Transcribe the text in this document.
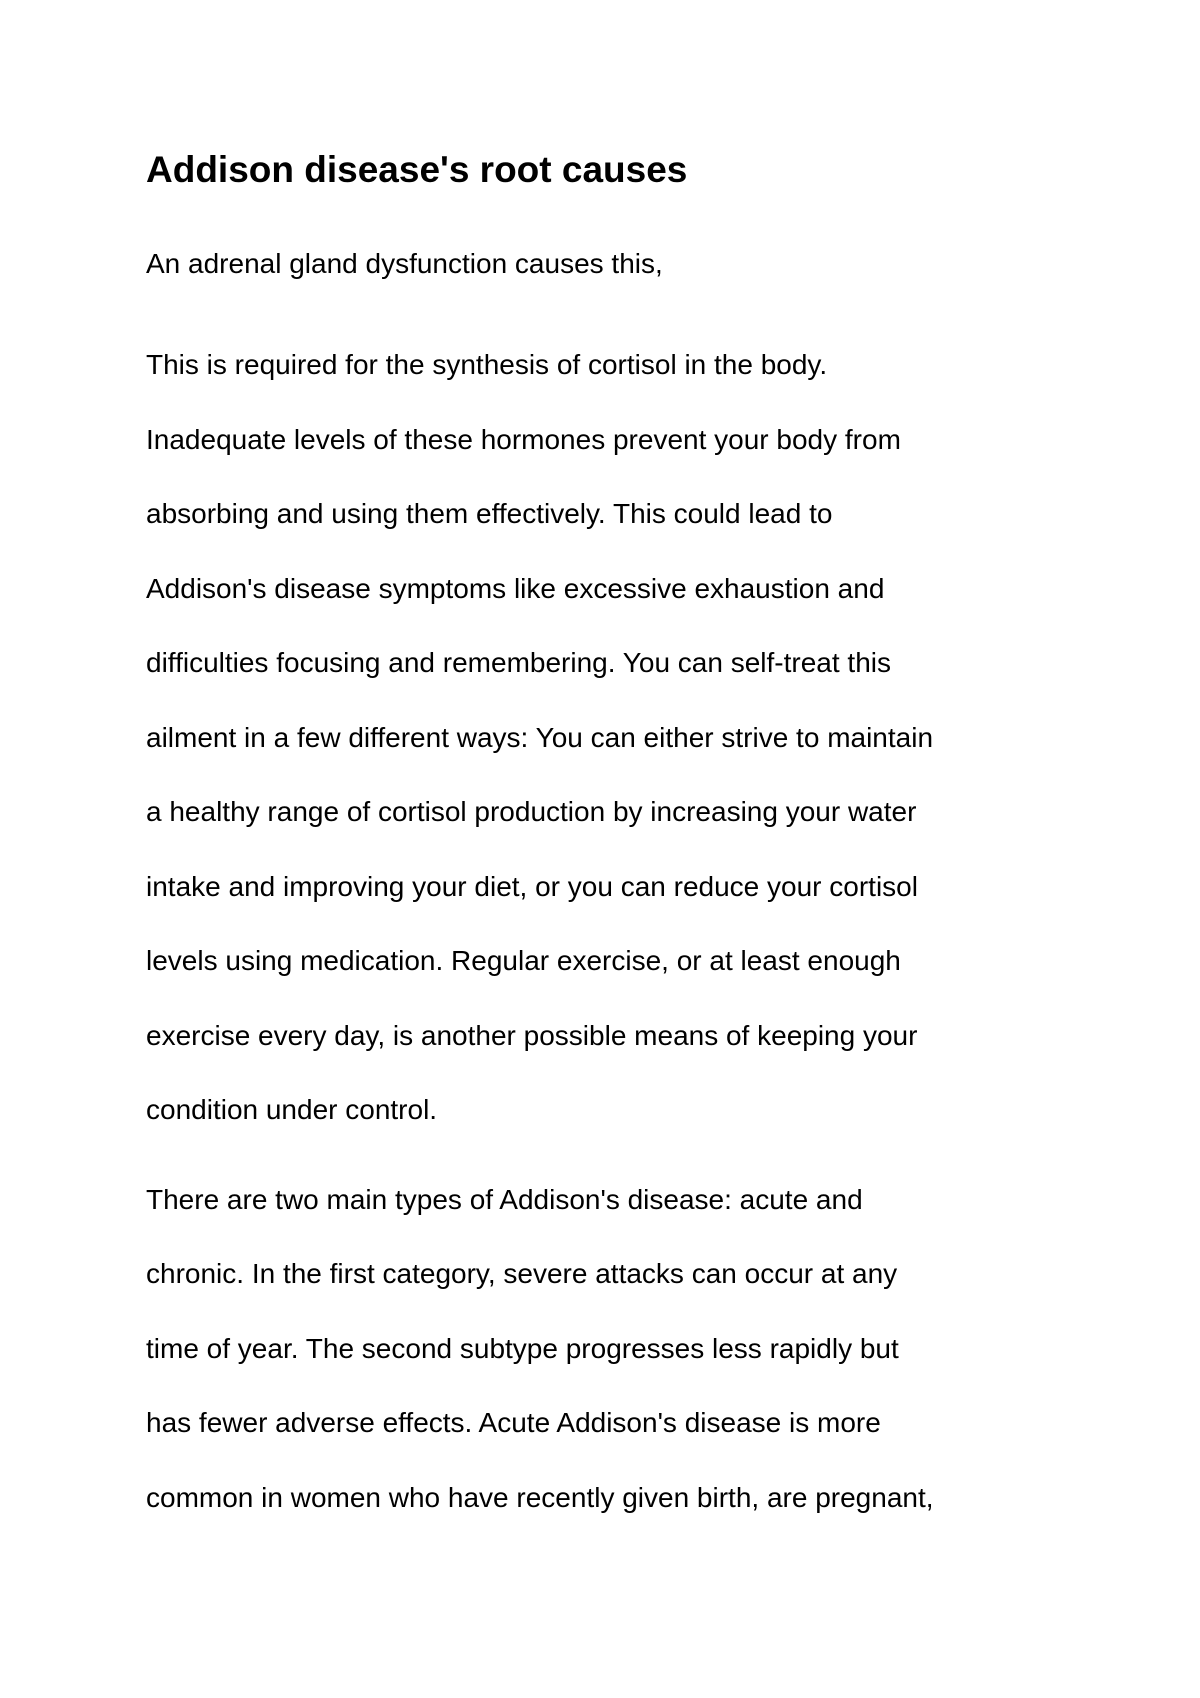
Addison disease's root causes

An adrenal gland dysfunction causes this,

This is required for the synthesis of cortisol in the body.
Inadequate levels of these hormones prevent your body from
absorbing and using them effectively. This could lead to
Addison's disease symptoms like excessive exhaustion and
difficulties focusing and remembering. You can self-treat this
ailment in a few different ways: You can either strive to maintain
a healthy range of cortisol production by increasing your water
intake and improving your diet, or you can reduce your cortisol
levels using medication. Regular exercise, or at least enough
exercise every day, is another possible means of keeping your
condition under control.
There are two main types of Addison's disease: acute and
chronic. In the first category, severe attacks can occur at any
time of year. The second subtype progresses less rapidly but
has fewer adverse effects. Acute Addison's disease is more
common in women who have recently given birth, are pregnant,
